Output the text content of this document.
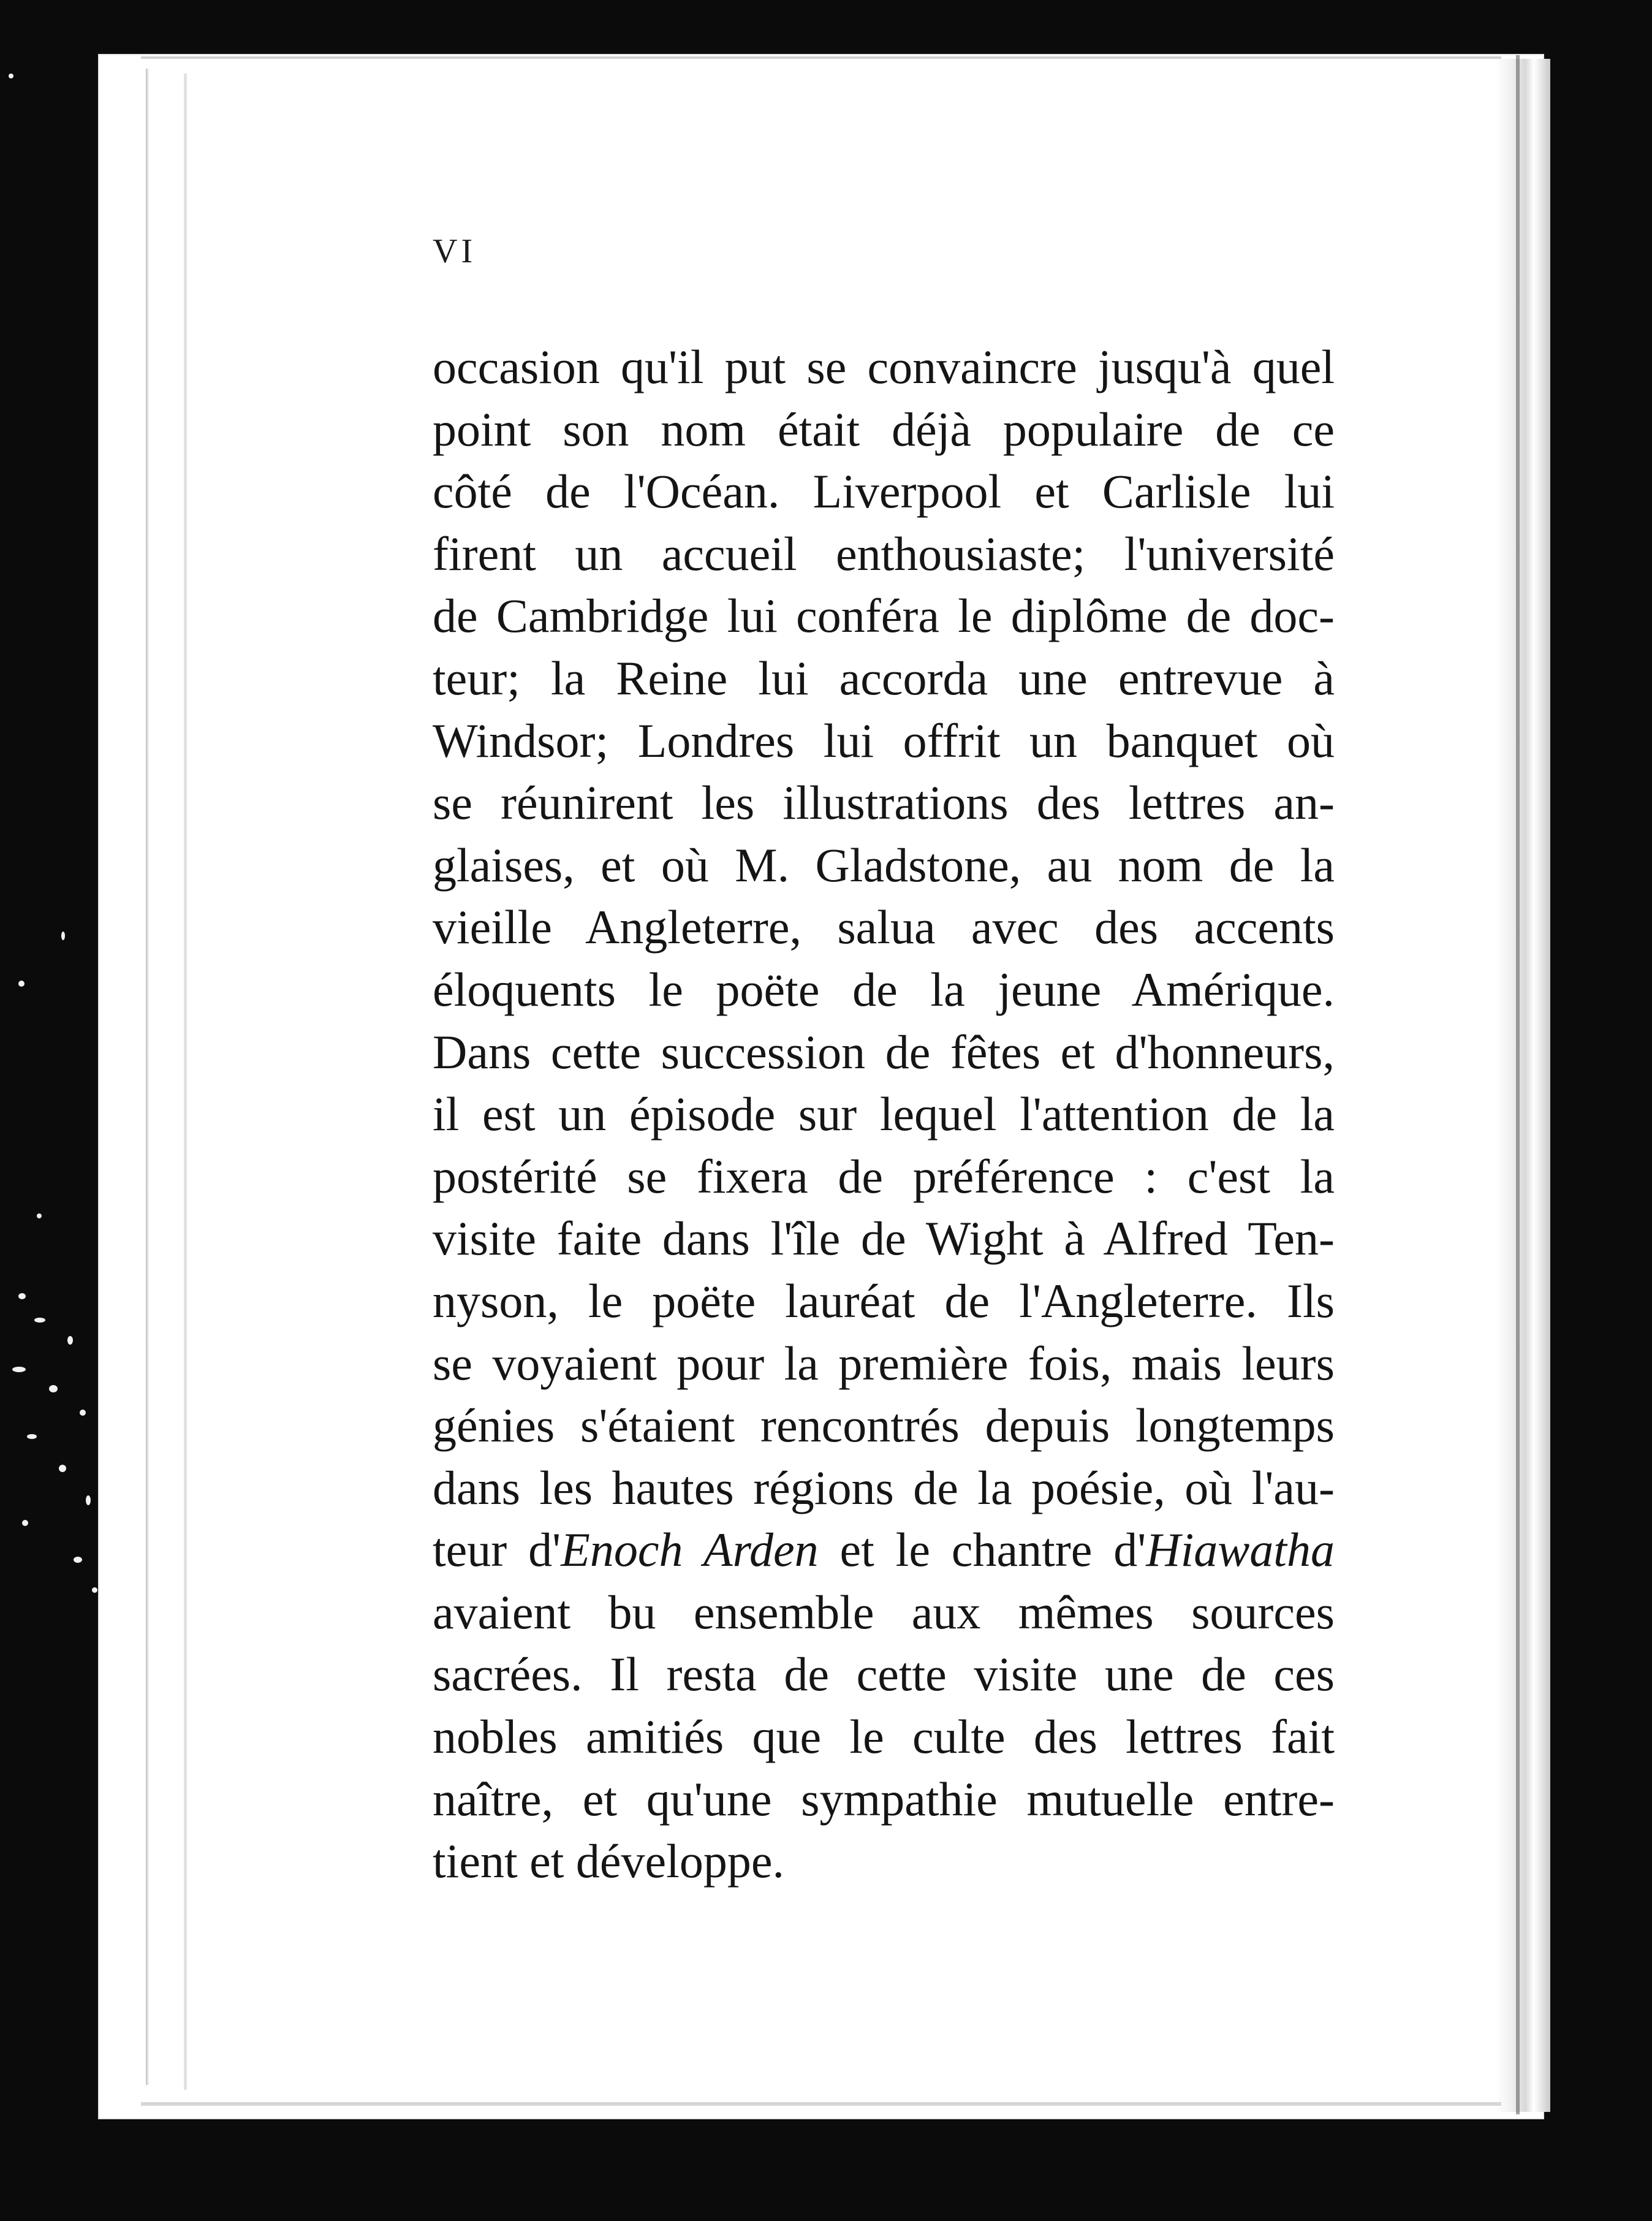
VI
occasion qu'il put se convaincre jusqu'à quel
point son nom était déjà populaire de ce
côté de l'Océan. Liverpool et Carlisle lui
firent un accueil enthousiaste; l'université
de Cambridge lui conféra le diplôme de doc-
teur; la Reine lui accorda une entrevue à
Windsor; Londres lui offrit un banquet où
se réunirent les illustrations des lettres an-
glaises, et où M. Gladstone, au nom de la
vieille Angleterre, salua avec des accents
éloquents le poëte de la jeune Amérique.
Dans cette succession de fêtes et d'honneurs,
il est un épisode sur lequel l'attention de la
postérité se fixera de préférence : c'est la
visite faite dans l'île de Wight à Alfred Ten-
nyson, le poëte lauréat de l'Angleterre. Ils
se voyaient pour la première fois, mais leurs
génies s'étaient rencontrés depuis longtemps
dans les hautes régions de la poésie, où l'au-
teur d'Enoch Arden et le chantre d'Hiawatha
avaient bu ensemble aux mêmes sources
sacrées. Il resta de cette visite une de ces
nobles amitiés que le culte des lettres fait
naître, et qu'une sympathie mutuelle entre-
tient et développe.
